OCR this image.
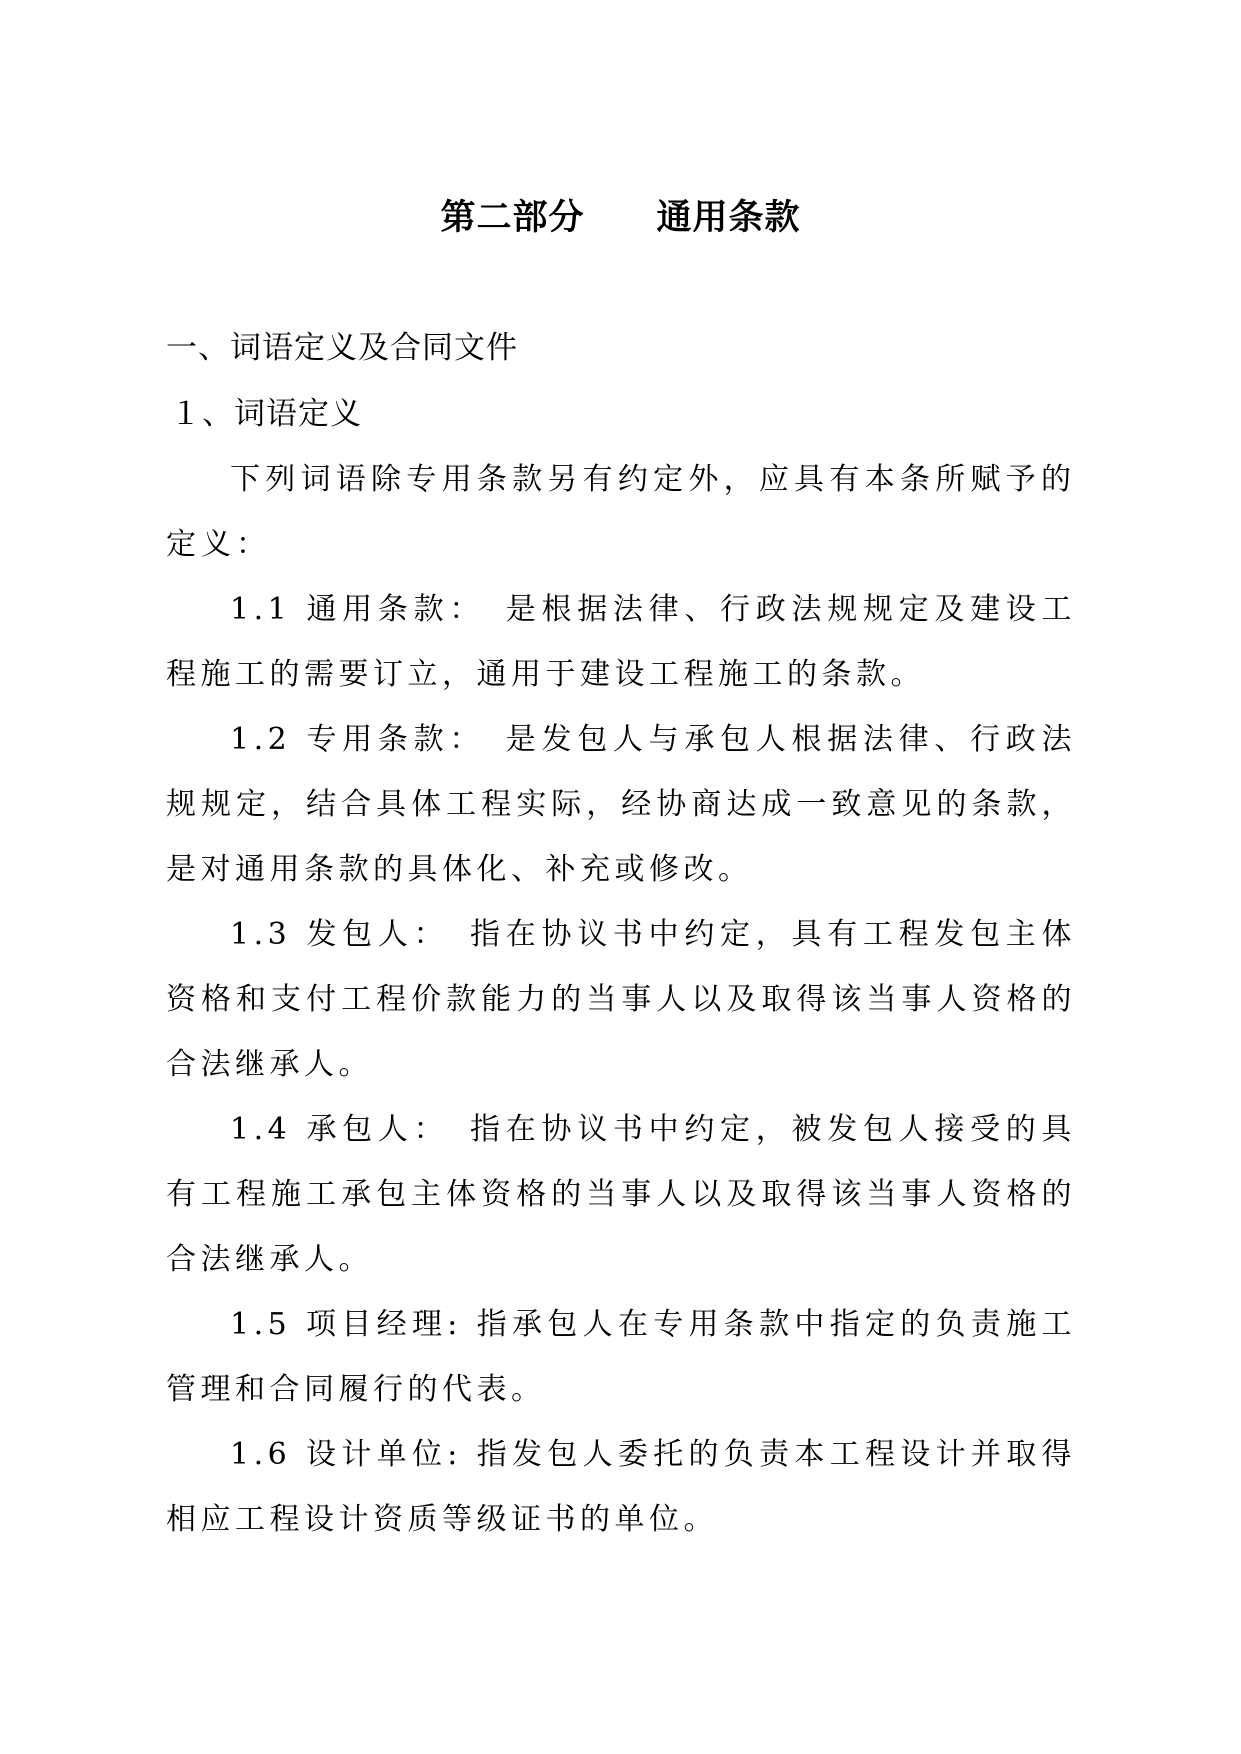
第二部分　　通用条款
一、词语定义及合同文件
１、词语定义

下列词语除专用条款另有约定外，应具有本条所赋予的定义：

1.1 通用条款：　是根据法律、行政法规规定及建设工程施工的需要订立，通用于建设工程施工的条款。

1.2 专用条款：　是发包人与承包人根据法律、行政法规规定，结合具体工程实际，经协商达成一致意见的条款，是对通用条款的具体化、补充或修改。

1.3 发包人：　指在协议书中约定，具有工程发包主体资格和支付工程价款能力的当事人以及取得该当事人资格的合法继承人。

1.4 承包人：　指在协议书中约定，被发包人接受的具有工程施工承包主体资格的当事人以及取得该当事人资格的合法继承人。

1.5 项目经理: 指承包人在专用条款中指定的负责施工管理和合同履行的代表。

1.6 设计单位: 指发包人委托的负责本工程设计并取得相应工程设计资质等级证书的单位。
